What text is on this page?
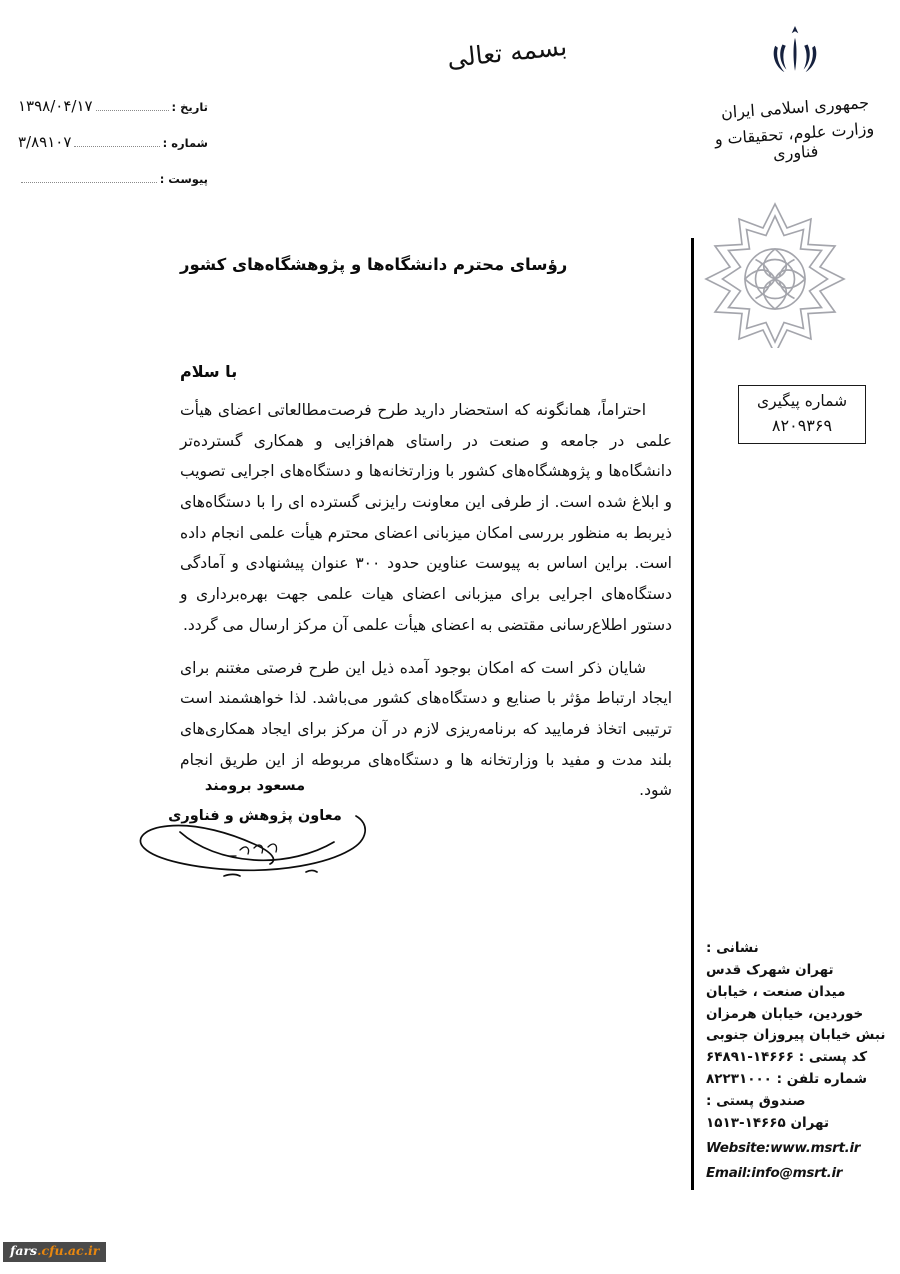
بسمه تعالی
تاریخ :
۱۳۹۸/۰۴/۱۷
شماره :
۳/۸۹۱۰۷
پیوست :
جمهوری اسلامی ایران
وزارت علوم، تحقیقات و فناوری
شماره پیگیری
۸۲۰۹۳۶۹
رؤسای محترم دانشگاه‌ها و پژوهشگاه‌های کشور
با سلام

احتراماً، همانگونه که استحضار دارید طرح فرصت‌مطالعاتی اعضای هیأت علمی در جامعه و صنعت در راستای هم‌افزایی و همکاری گسترده‌تر دانشگاه‌ها و پژوهشگاه‌های کشور با وزارتخانه‌ها و دستگاه‌های اجرایی تصویب و ابلاغ شده است. از طرفی این معاونت رایزنی گسترده ای را با دستگاه‌های ذیربط به منظور بررسی امکان میزبانی اعضای محترم هیأت علمی انجام داده است. براین اساس به پیوست عناوین حدود ۳۰۰ عنوان پیشنهادی و آمادگی دستگاه‌های اجرایی برای میزبانی اعضای هیات علمی جهت بهره‌برداری و دستور اطلاع‌رسانی مقتضی به اعضای هیأت علمی آن مرکز ارسال می گردد.

شایان ذکر است که امکان بوجود آمده ذیل این طرح فرصتی مغتنم برای ایجاد ارتباط مؤثر با صنایع و دستگاه‌های کشور می‌باشد. لذا خواهشمند است ترتیبی اتخاذ فرمایید که برنامه‌ریزی لازم در آن مرکز برای ایجاد همکاری‌های بلند مدت و مفید با وزارتخانه ها و دستگاه‌های مربوطه از این طریق انجام شود.

مسعود برومند
معاون پژوهش و فناوری
نشانی :
تهران شهرک قدس
میدان صنعت ، خیابان
خوردین، خیابان هرمزان
نبش خیابان پیروزان جنوبی
کد پستی : ۱۴۶۶۶-۶۴۸۹۱
شماره تلفن : ۸۲۲۳۱۰۰۰
صندوق پستی :
تهران ۱۴۶۶۵-۱۵۱۳
Website:www.msrt.ir
Email:info@msrt.ir
fars.cfu.ac.ir
